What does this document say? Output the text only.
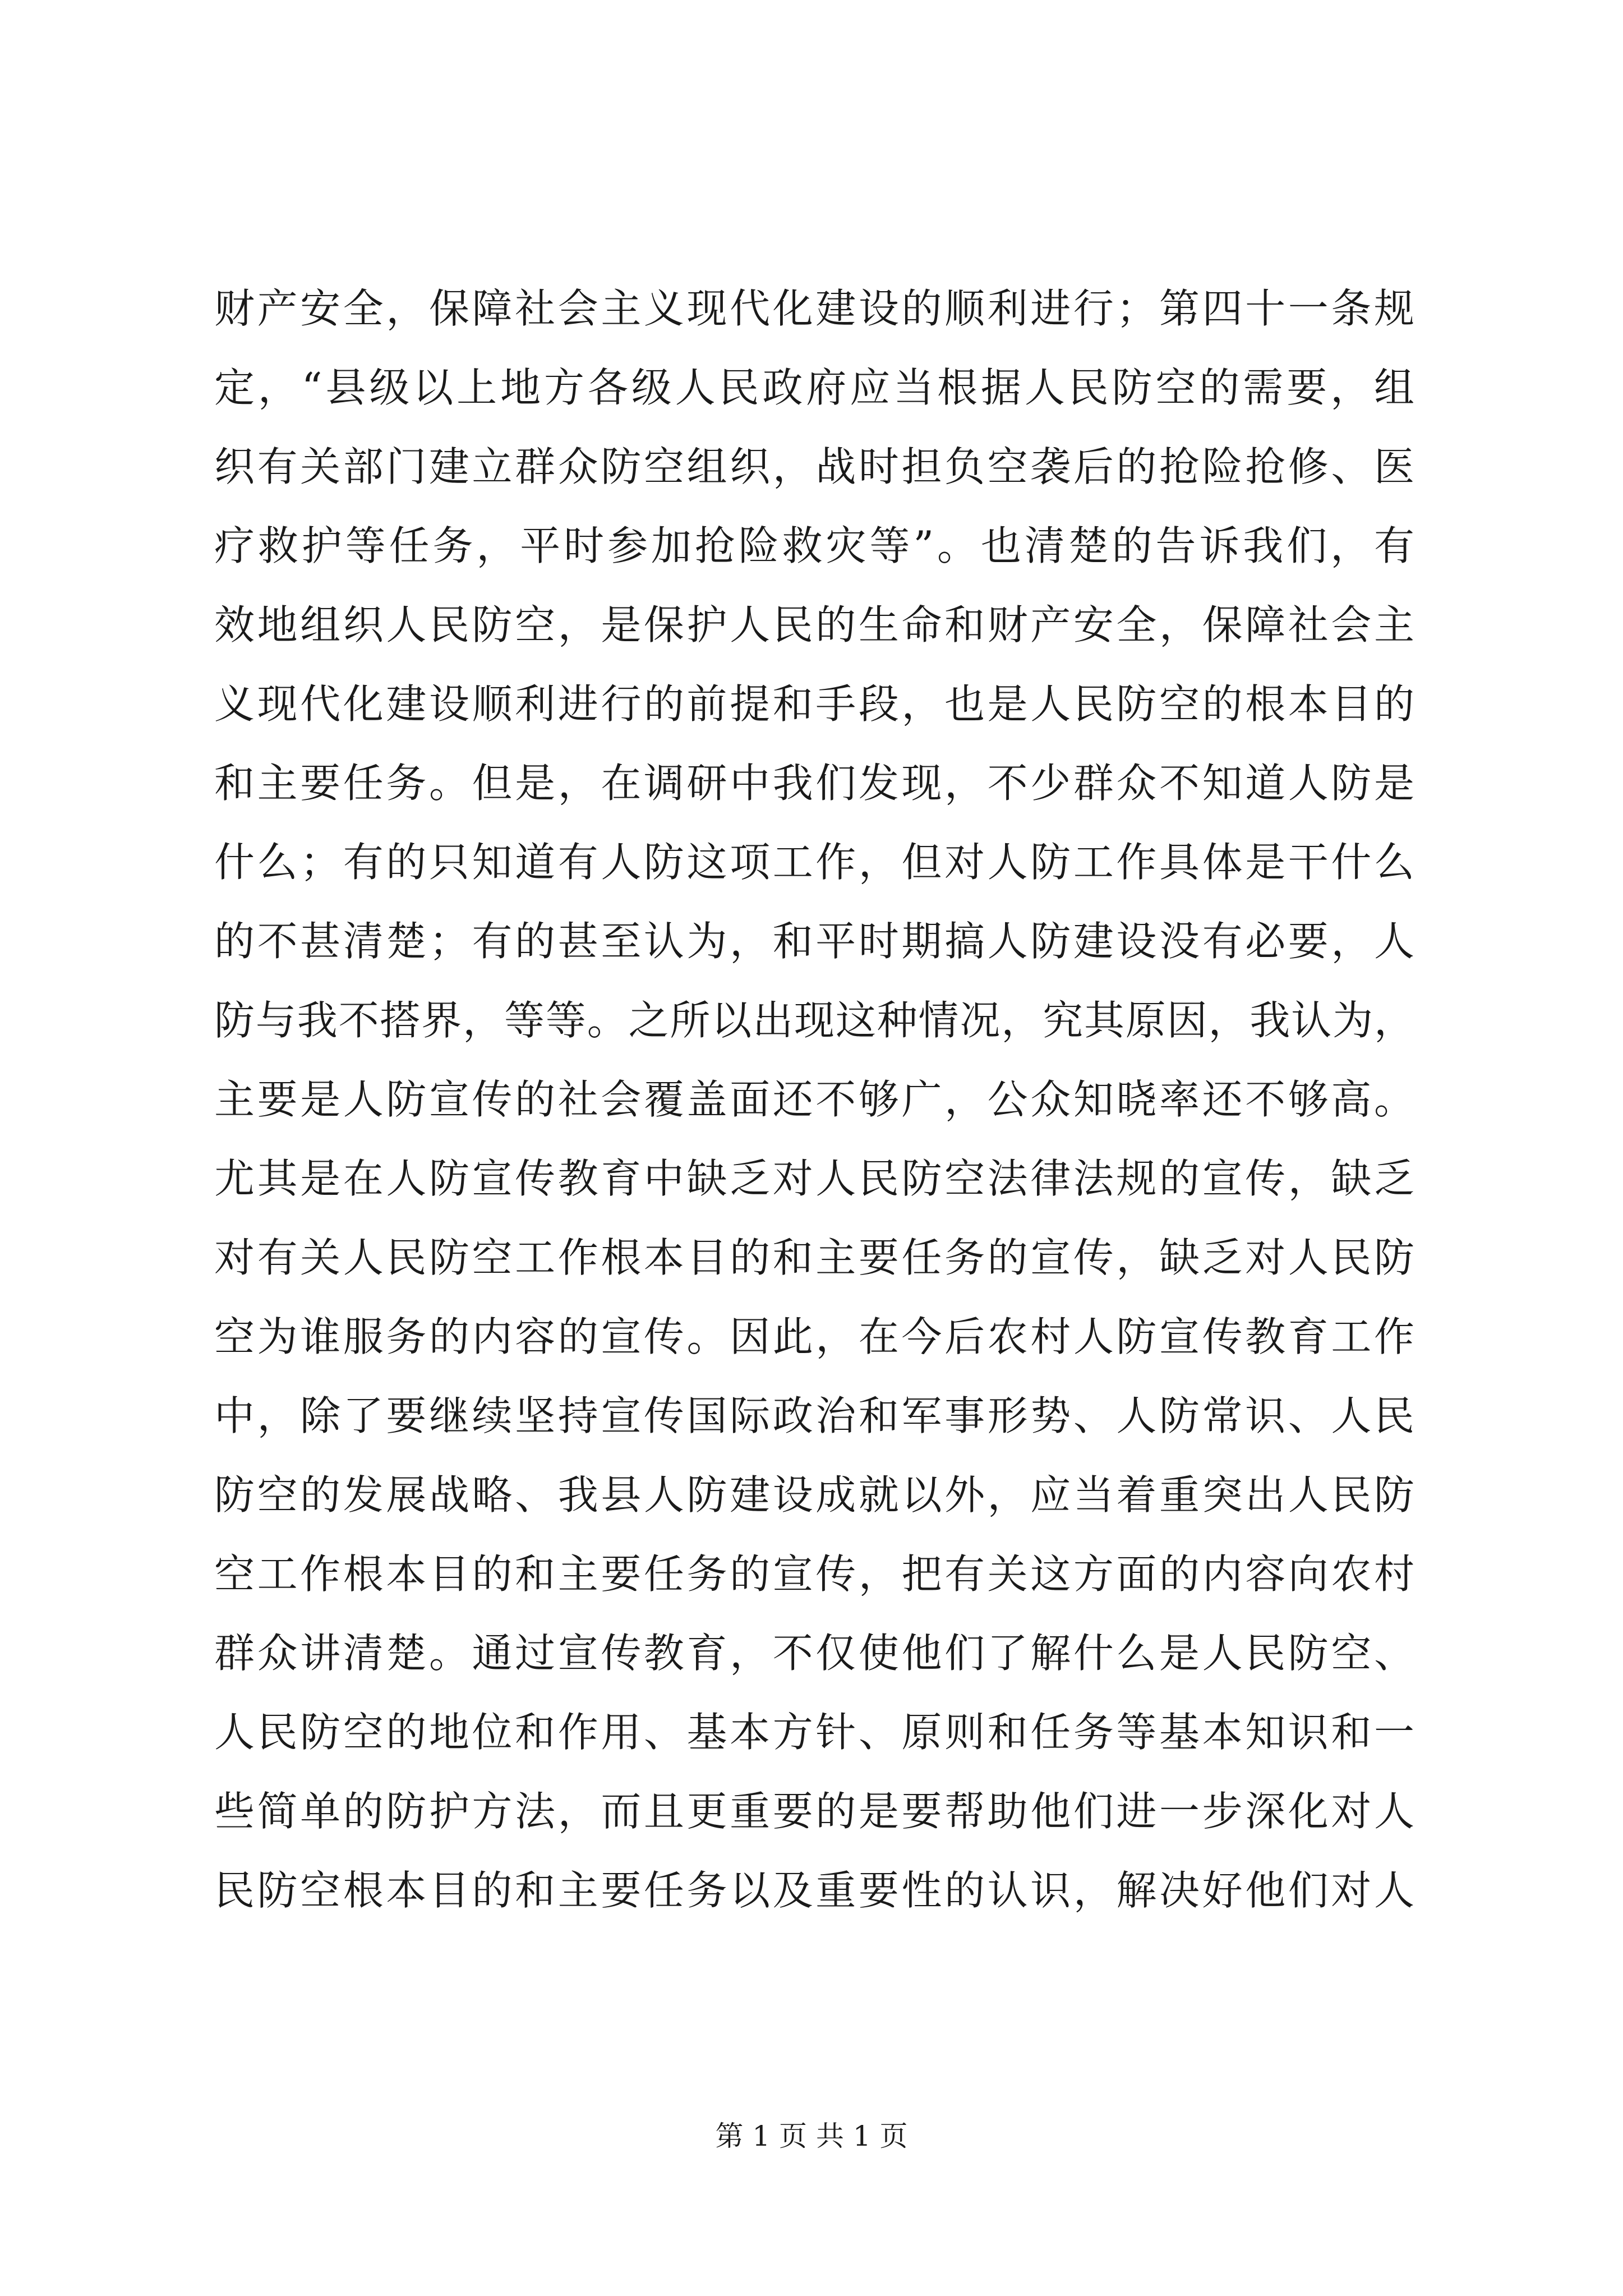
财产安全，保障社会主义现代化建设的顺利进行；第四十一条规
定，“县级以上地方各级人民政府应当根据人民防空的需要，组
织有关部门建立群众防空组织，战时担负空袭后的抢险抢修、医
疗救护等任务，平时参加抢险救灾等”。也清楚的告诉我们，有
效地组织人民防空，是保护人民的生命和财产安全，保障社会主
义现代化建设顺利进行的前提和手段，也是人民防空的根本目的
和主要任务。但是，在调研中我们发现，不少群众不知道人防是
什么；有的只知道有人防这项工作，但对人防工作具体是干什么
的不甚清楚；有的甚至认为，和平时期搞人防建设没有必要，人
防与我不搭界，等等。之所以出现这种情况，究其原因，我认为，
主要是人防宣传的社会覆盖面还不够广，公众知晓率还不够高。
尤其是在人防宣传教育中缺乏对人民防空法律法规的宣传，缺乏
对有关人民防空工作根本目的和主要任务的宣传，缺乏对人民防
空为谁服务的内容的宣传。因此，在今后农村人防宣传教育工作
中，除了要继续坚持宣传国际政治和军事形势、人防常识、人民
防空的发展战略、我县人防建设成就以外，应当着重突出人民防
空工作根本目的和主要任务的宣传，把有关这方面的内容向农村
群众讲清楚。通过宣传教育，不仅使他们了解什么是人民防空、
人民防空的地位和作用、基本方针、原则和任务等基本知识和一
些简单的防护方法，而且更重要的是要帮助他们进一步深化对人
民防空根本目的和主要任务以及重要性的认识，解决好他们对人
第 1 页 共 1 页
